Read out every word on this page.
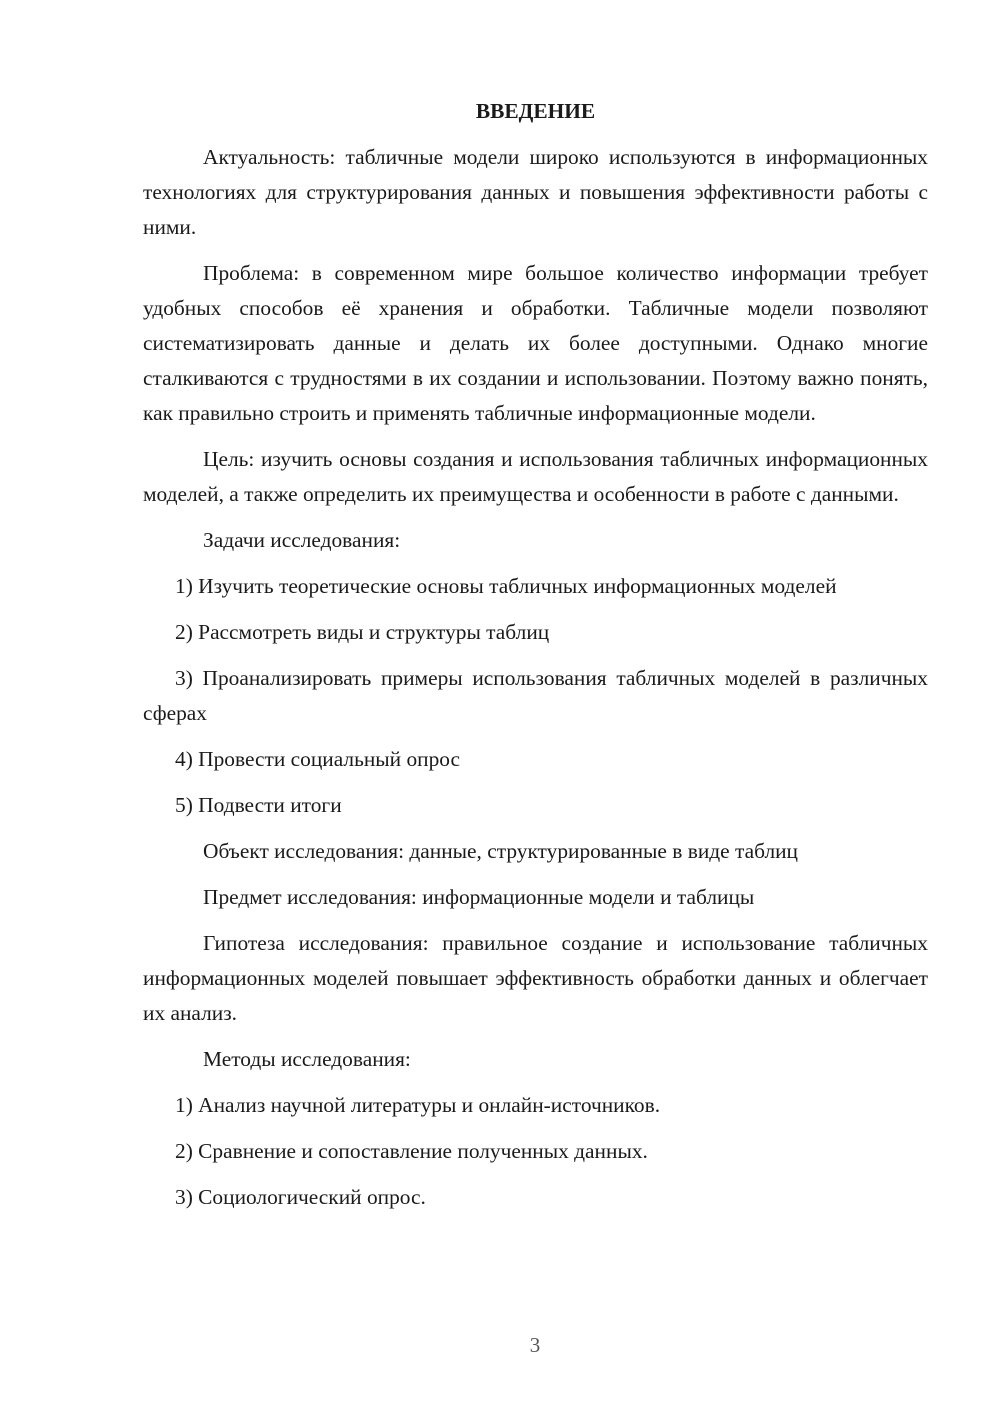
ВВЕДЕНИЕ

Актуальность: табличные модели широко используются в информационных технологиях для структурирования данных и повышения эффективности работы с ними.

Проблема: в современном мире большое количество информации требует удобных способов её хранения и обработки. Табличные модели позволяют систематизировать данные и делать их более доступными. Однако многие сталкиваются с трудностями в их создании и использовании. Поэтому важно понять, как правильно строить и применять табличные информационные модели.

Цель: изучить основы создания и использования табличных информационных моделей, а также определить их преимущества и особенности в работе с данными.

Задачи исследования:

1) Изучить теоретические основы табличных информационных моделей

2) Рассмотреть виды и структуры таблиц

3) Проанализировать примеры использования табличных моделей в различных сферах

4) Провести социальный опрос

5) Подвести итоги

Объект исследования: данные, структурированные в виде таблиц

Предмет исследования: информационные модели и таблицы

Гипотеза исследования: правильное создание и использование табличных информационных моделей повышает эффективность обработки данных и облегчает их анализ.

Методы исследования:

1) Анализ научной литературы и онлайн-источников.

2) Сравнение и сопоставление полученных данных.

3) Социологический опрос.

3
